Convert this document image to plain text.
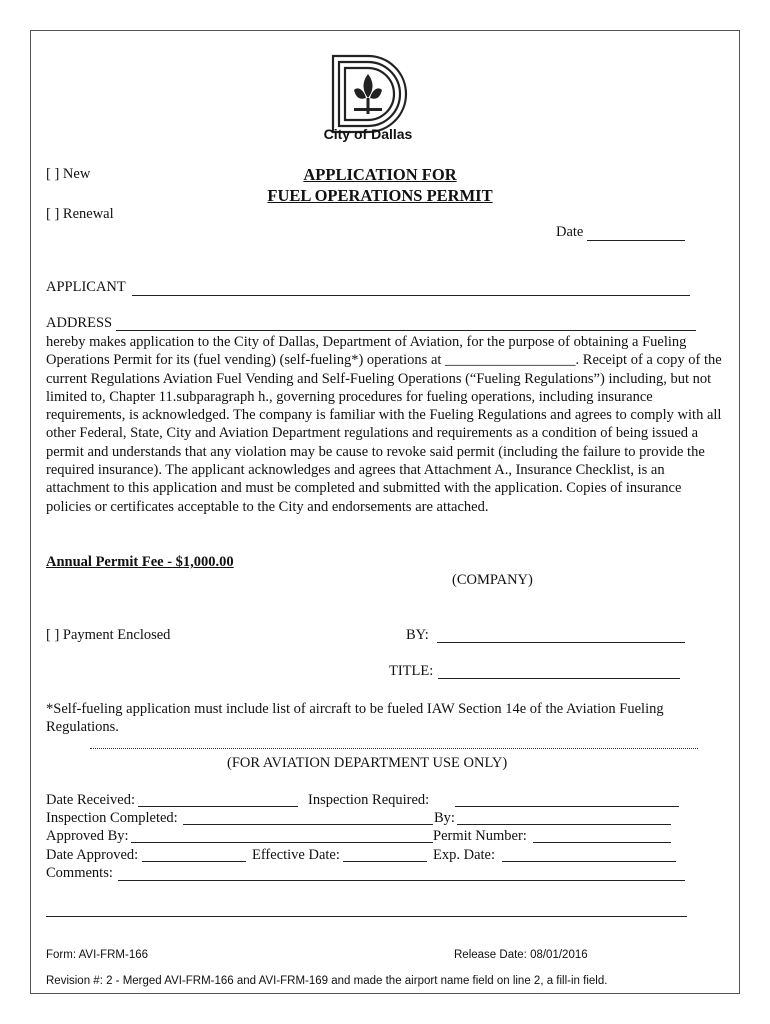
City of Dallas
[ ] New
[ ] Renewal
APPLICATION FOR
FUEL OPERATIONS PERMIT
Date
APPLICANT
ADDRESS
hereby makes application to the City of Dallas, Department of Aviation, for the purpose of obtaining a Fueling Operations Permit for its (fuel vending) (self-fueling*) operations at __________________. Receipt of a copy of the current Regulations Aviation Fuel Vending and Self-Fueling Operations (“Fueling Regulations”) including, but not limited to, Chapter 11.subparagraph h., governing procedures for fueling operations, including insurance requirements, is acknowledged. The company is familiar with the Fueling Regulations and agrees to comply with all other Federal, State, City and Aviation Department regulations and requirements as a condition of being issued a permit and understands that any violation may be cause to revoke said permit (including the failure to provide the required insurance). The applicant acknowledges and agrees that Attachment A., Insurance Checklist, is an attachment to this application and must be completed and submitted with the application. Copies of insurance policies or certificates acceptable to the City and endorsements are attached.
Annual Permit Fee - $1,000.00
(COMPANY)
[ ] Payment Enclosed	BY:
TITLE:
*Self-fueling application must include list of aircraft to be fueled IAW Section 14e of the Aviation Fueling Regulations.
(FOR AVIATION DEPARTMENT USE ONLY)
Date Received:	Inspection Required:
Inspection Completed:	By:
Approved By:	Permit Number:
Date Approved:	Effective Date:	Exp. Date:
Comments:
Form: AVI-FRM-166	Release Date: 08/01/2016
Revision #: 2 - Merged AVI-FRM-166 and AVI-FRM-169 and made the airport name field on line 2, a fill-in field.
